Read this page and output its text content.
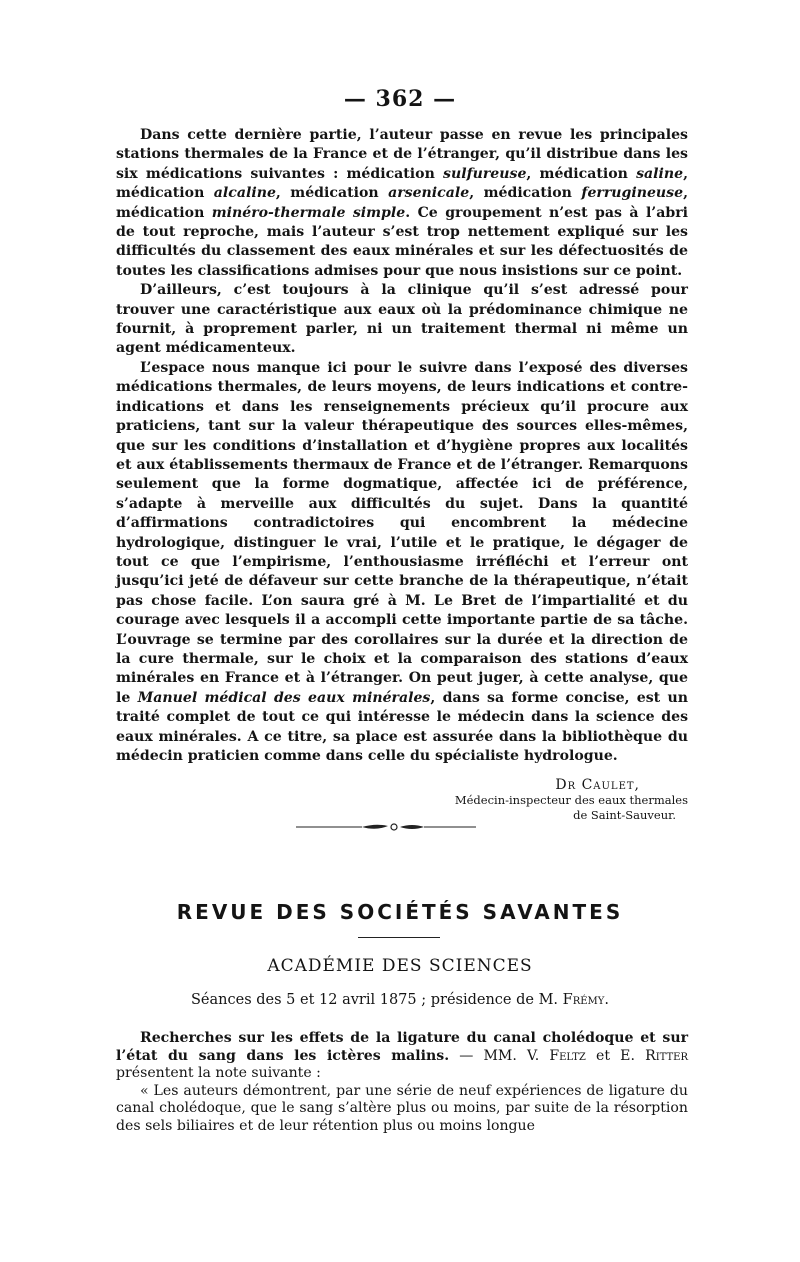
— 362 —

Dans cette dernière partie, l’auteur passe en revue les principales stations thermales de la France et de l’étranger, qu’il distribue dans les six médications suivantes : médication sulfureuse, médication saline, médication alcaline, médication arsenicale, médication ferrugineuse, médication minéro-thermale simple. Ce groupement n’est pas à l’abri de tout reproche, mais l’auteur s’est trop nettement expliqué sur les difficultés du classement des eaux minérales et sur les défectuosités de toutes les classifications admises pour que nous insistions sur ce point.

D’ailleurs, c’est toujours à la clinique qu’il s’est adressé pour trouver une caractéristique aux eaux où la prédominance chimique ne fournit, à proprement parler, ni un traitement thermal ni même un agent médicamenteux.

L’espace nous manque ici pour le suivre dans l’exposé des diverses médications thermales, de leurs moyens, de leurs indications et contre-indications et dans les renseignements précieux qu’il procure aux praticiens, tant sur la valeur thérapeutique des sources elles-mêmes, que sur les conditions d’installation et d’hygiène propres aux localités et aux établissements thermaux de France et de l’étranger. Remarquons seulement que la forme dogmatique, affectée ici de préférence, s’adapte à merveille aux difficultés du sujet. Dans la quantité d’affirmations contradictoires qui encombrent la médecine hydrologique, distinguer le vrai, l’utile et le pratique, le dégager de tout ce que l’empirisme, l’enthousiasme irréfléchi et l’erreur ont jusqu’ici jeté de défaveur sur cette branche de la thérapeutique, n’était pas chose facile. L’on saura gré à M. Le Bret de l’impartialité et du courage avec lesquels il a accompli cette importante partie de sa tâche. L’ouvrage se termine par des corollaires sur la durée et la direction de la cure thermale, sur le choix et la comparaison des stations d’eaux minérales en France et à l’étranger. On peut juger, à cette analyse, que le Manuel médical des eaux minérales, dans sa forme concise, est un traité complet de tout ce qui intéresse le médecin dans la science des eaux minérales. A ce titre, sa place est assurée dans la bibliothèque du médecin praticien comme dans celle du spécialiste hydrologue.

Dr Caulet,
Médecin-inspecteur des eaux thermales
de Saint-Sauveur.
REVUE DES SOCIÉTÉS SAVANTES
ACADÉMIE DES SCIENCES
Séances des 5 et 12 avril 1875 ; présidence de M. Frémy.

Recherches sur les effets de la ligature du canal cholédoque et sur l’état du sang dans les ictères malins. — MM. V. Feltz et E. Ritter présentent la note suivante :

« Les auteurs démontrent, par une série de neuf expériences de ligature du canal cholédoque, que le sang s’altère plus ou moins, par suite de la résorption des sels biliaires et de leur rétention plus ou moins longue
